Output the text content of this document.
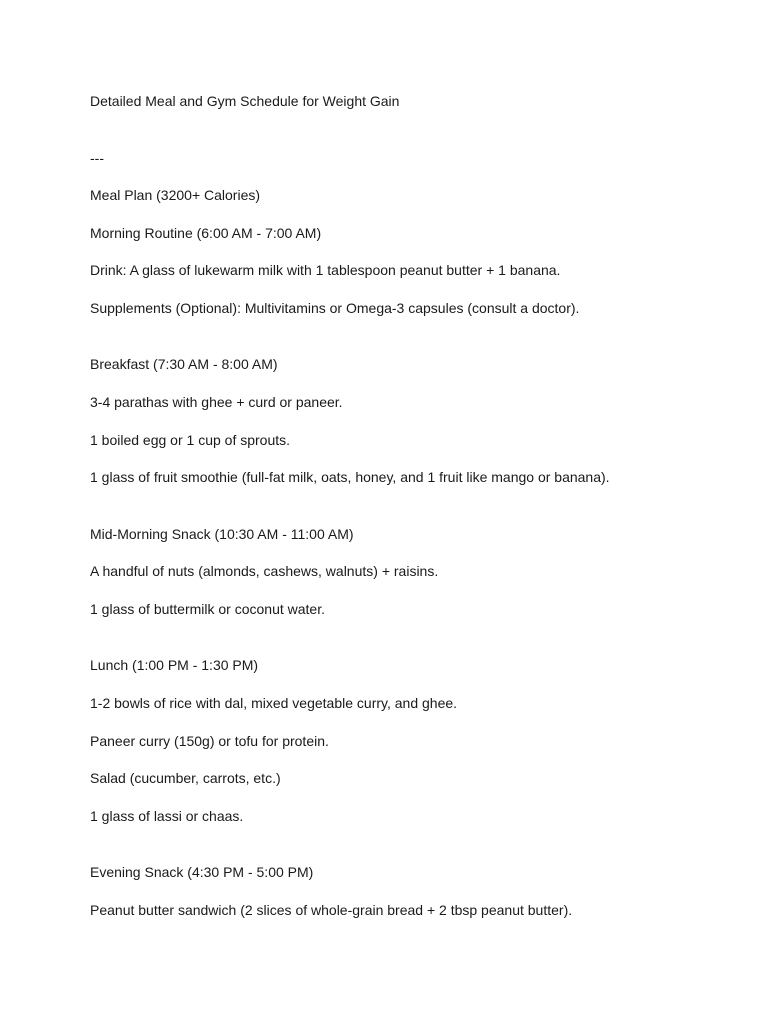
Detailed Meal and Gym Schedule for Weight Gain
---
Meal Plan (3200+ Calories)
Morning Routine (6:00 AM - 7:00 AM)
Drink: A glass of lukewarm milk with 1 tablespoon peanut butter + 1 banana.
Supplements (Optional): Multivitamins or Omega-3 capsules (consult a doctor).
Breakfast (7:30 AM - 8:00 AM)
3-4 parathas with ghee + curd or paneer.
1 boiled egg or 1 cup of sprouts.
1 glass of fruit smoothie (full-fat milk, oats, honey, and 1 fruit like mango or banana).
Mid-Morning Snack (10:30 AM - 11:00 AM)
A handful of nuts (almonds, cashews, walnuts) + raisins.
1 glass of buttermilk or coconut water.
Lunch (1:00 PM - 1:30 PM)
1-2 bowls of rice with dal, mixed vegetable curry, and ghee.
Paneer curry (150g) or tofu for protein.
Salad (cucumber, carrots, etc.)
1 glass of lassi or chaas.
Evening Snack (4:30 PM - 5:00 PM)
Peanut butter sandwich (2 slices of whole-grain bread + 2 tbsp peanut butter).
